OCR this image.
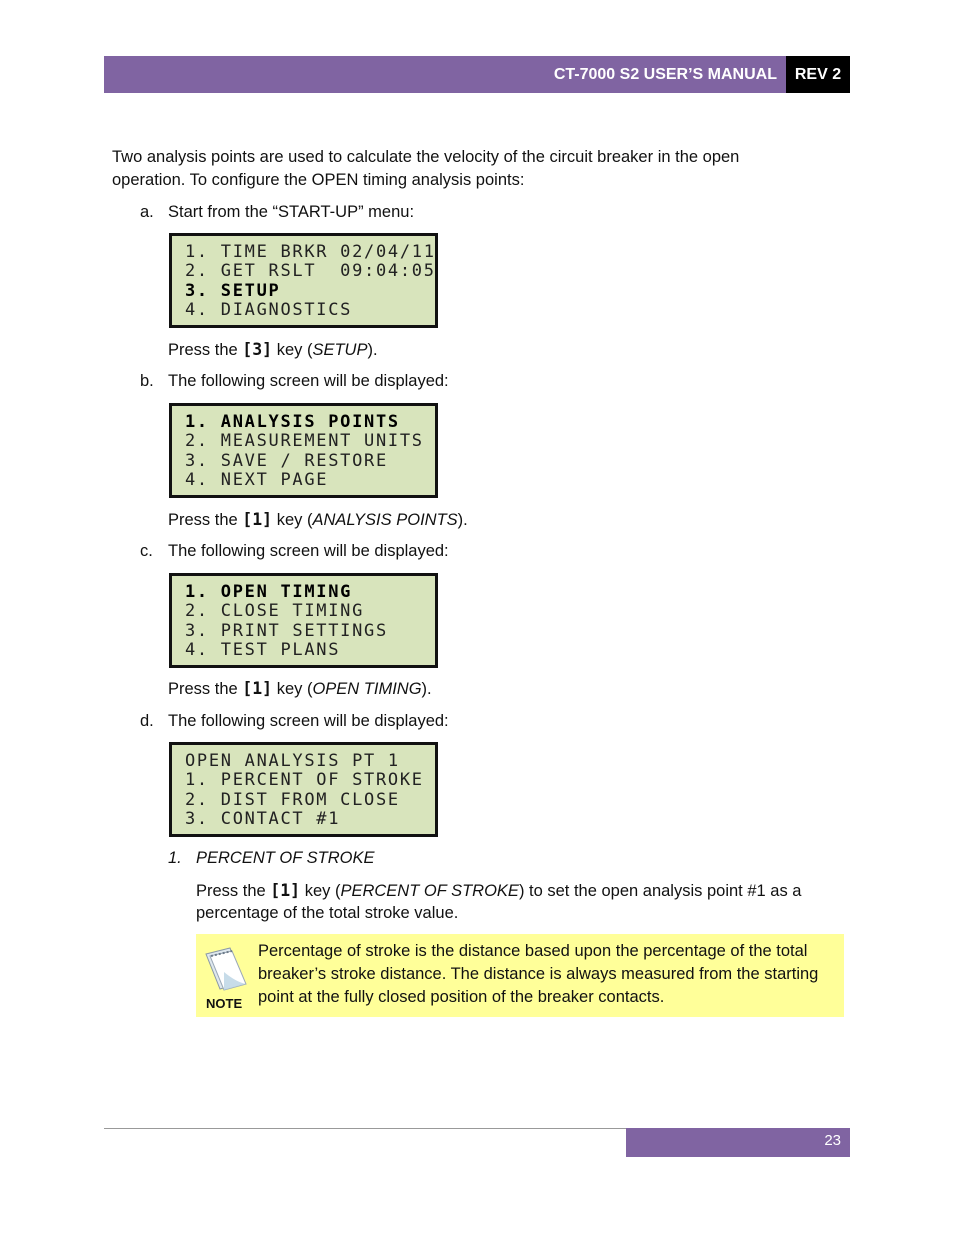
CT-7000 S2 USER’S MANUAL	REV 2
Two analysis points are used to calculate the velocity of the circuit breaker in the open
operation. To configure the OPEN timing analysis points:
a. Start from the “START-UP” menu:
1. TIME BRKR 02/04/11
2. GET RSLT  09:04:05
3. SETUP
4. DIAGNOSTICS
Press the [3] key (SETUP).
b. The following screen will be displayed:
1. ANALYSIS POINTS
2. MEASUREMENT UNITS
3. SAVE / RESTORE
4. NEXT PAGE
Press the [1] key (ANALYSIS POINTS).
c. The following screen will be displayed:
1. OPEN TIMING
2. CLOSE TIMING
3. PRINT SETTINGS
4. TEST PLANS
Press the [1] key (OPEN TIMING).
d. The following screen will be displayed:
OPEN ANALYSIS PT 1
1. PERCENT OF STROKE
2. DIST FROM CLOSE
3. CONTACT #1
1. PERCENT OF STROKE
Press the [1] key (PERCENT OF STROKE) to set the open analysis point #1 as a
percentage of the total stroke value.
NOTE
Percentage of stroke is the distance based upon the percentage of the total
breaker’s stroke distance. The distance is always measured from the starting
point at the fully closed position of the breaker contacts.
23
